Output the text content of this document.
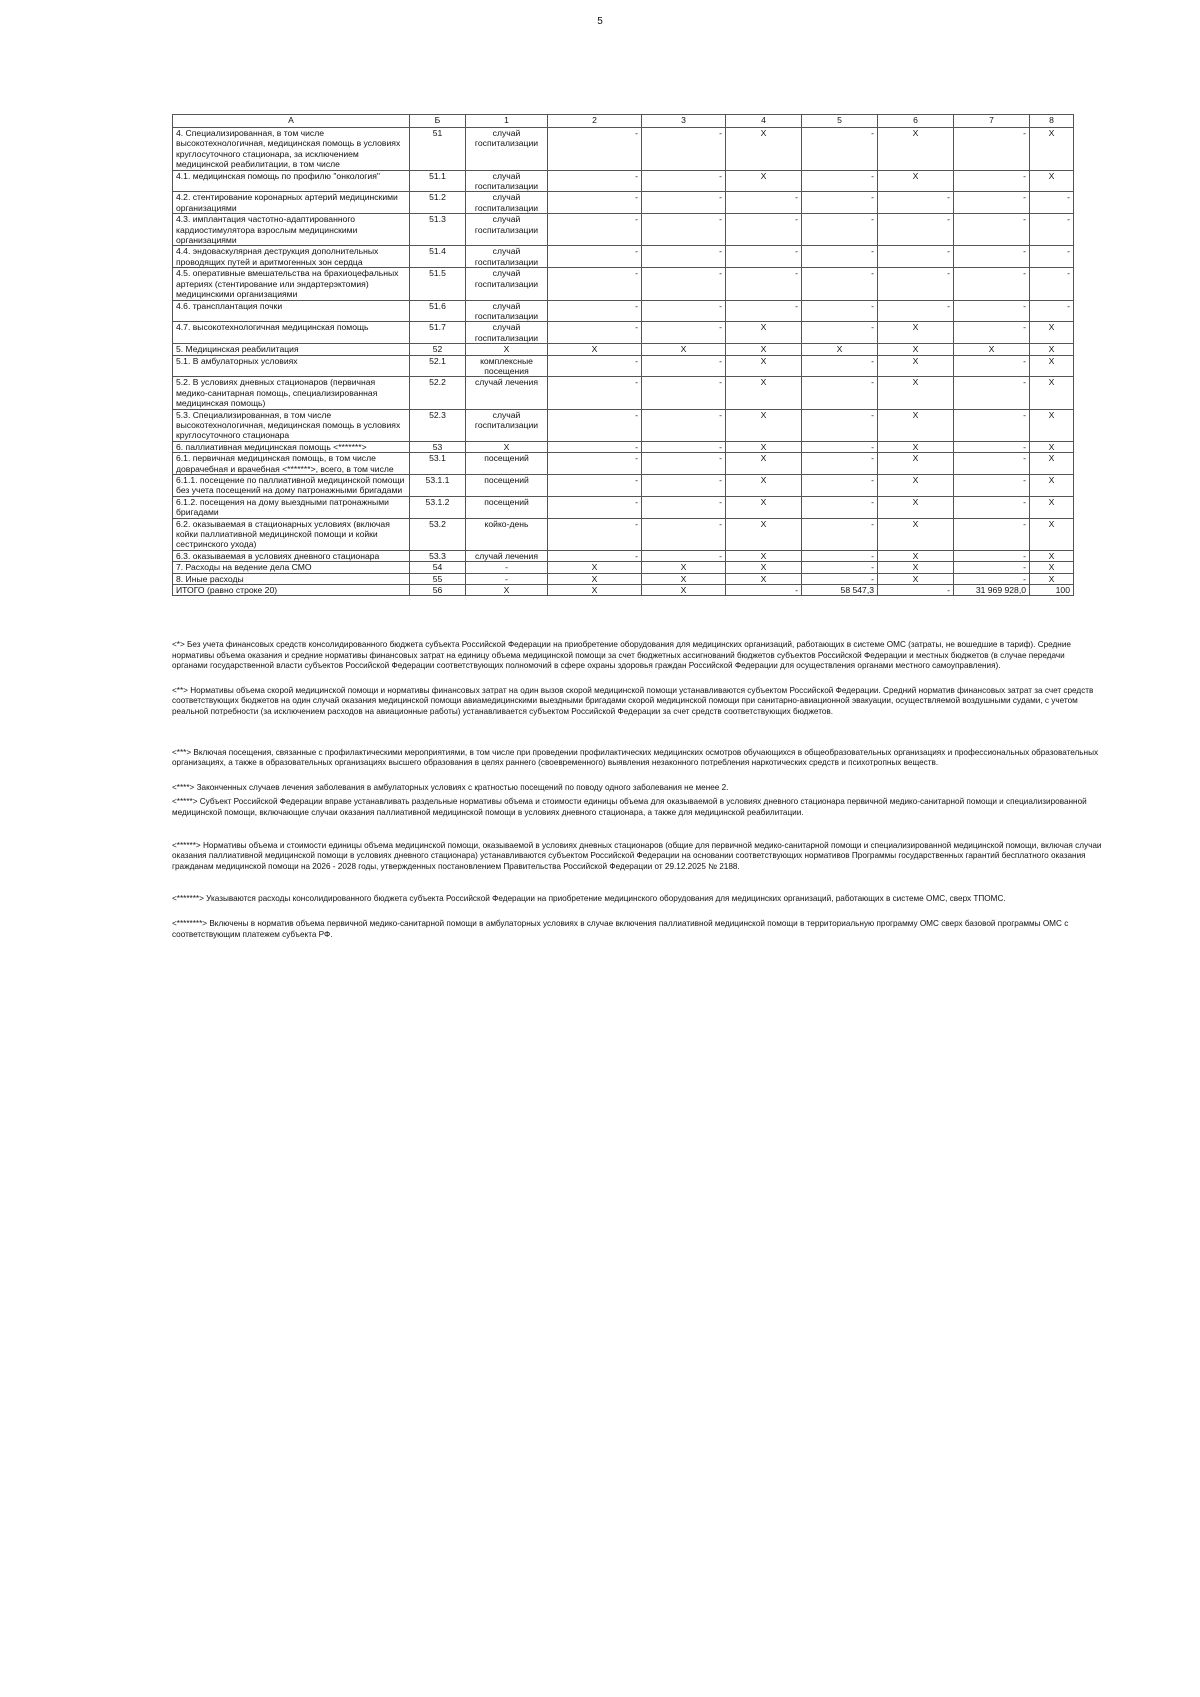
5
А	Б	1	2	3	4	5	6	7	8
4. Специализированная, в том числе высокотехнологичная, медицинская помощь в условиях круглосуточного стационара, за исключением медицинской реабилитации, в том числе	51	случай госпитализации	-	-	X	-	X	-	X
4.1. медицинская помощь по профилю "онкология"	51.1	случай госпитализации	-	-	X	-	X	-	X
4.2. стентирование коронарных артерий медицинскими организациями	51.2	случай госпитализации	-	-	-	-	-	-	-
4.3. имплантация частотно-адаптированного кардиостимулятора взрослым медицинскими организациями	51.3	случай госпитализации	-	-	-	-	-	-	-
4.4. эндоваскулярная деструкция дополнительных проводящих путей и аритмогенных зон сердца	51.4	случай госпитализации	-	-	-	-	-	-	-
4.5. оперативные вмешательства на брахиоцефальных артериях (стентирование или эндартерэктомия) медицинскими организациями	51.5	случай госпитализации	-	-	-	-	-	-	-
4.6. трансплантация почки	51.6	случай госпитализации	-	-	-	-	-	-	-
4.7. высокотехнологичная медицинская помощь	51.7	случай госпитализации	-	-	X	-	X	-	X
5. Медицинская реабилитация	52	X	X	X	X	X	X	X	X
5.1. В амбулаторных условиях	52.1	комплексные посещения	-	-	X	-	X	-	X
5.2. В условиях дневных стационаров (первичная медико-санитарная помощь, специализированная медицинская помощь)	52.2	случай лечения	-	-	X	-	X	-	X
5.3. Специализированная, в том числе высокотехнологичная, медицинская помощь в условиях круглосуточного стационара	52.3	случай госпитализации	-	-	X	-	X	-	X
6. паллиативная медицинская помощь <*******>	53	X	-	-	X	-	X	-	X
6.1. первичная медицинская помощь, в том числе доврачебная и врачебная <*******>, всего, в том числе	53.1	посещений	-	-	X	-	X	-	X
6.1.1. посещение по паллиативной медицинской помощи без учета посещений на дому патронажными бригадами	53.1.1	посещений	-	-	X	-	X	-	X
6.1.2. посещения на дому выездными патронажными бригадами	53.1.2	посещений	-	-	X	-	X	-	X
6.2. оказываемая в стационарных условиях (включая койки паллиативной медицинской помощи и койки сестринского ухода)	53.2	койко-день	-	-	X	-	X	-	X
6.3. оказываемая в условиях дневного стационара	53.3	случай лечения	-	-	X	-	X	-	X
7. Расходы на ведение дела СМО	54	-	X	X	X	-	X	-	X
8. Иные расходы	55	-	X	X	X	-	X	-	X
ИТОГО (равно строке 20)	56	X	X	X	-	58 547,3	-	31 969 928,0	100

<*> Без учета финансовых средств консолидированного бюджета субъекта Российской Федерации на приобретение оборудования для медицинских организаций, работающих в системе ОМС (затраты, не вошедшие в тариф). Средние нормативы объема оказания и средние нормативы финансовых затрат на единицу объема медицинской помощи за счет бюджетных ассигнований бюджетов субъектов Российской Федерации и местных бюджетов (в случае передачи органами государственной власти субъектов Российской Федерации соответствующих полномочий в сфере охраны здоровья граждан Российской Федерации для осуществления органами местного самоуправления).

<**> Нормативы объема скорой медицинской помощи и нормативы финансовых затрат на один вызов скорой медицинской помощи устанавливаются субъектом Российской Федерации. Средний норматив финансовых затрат за счет средств соответствующих бюджетов на один случай оказания медицинской помощи авиамедицинскими выездными бригадами скорой медицинской помощи при санитарно-авиационной эвакуации, осуществляемой воздушными судами, с учетом реальной потребности (за исключением расходов на авиационные работы) устанавливается субъектом Российской Федерации за счет средств соответствующих бюджетов.

<***> Включая посещения, связанные с профилактическими мероприятиями, в том числе при проведении профилактических медицинских осмотров обучающихся в общеобразовательных организациях и профессиональных образовательных организациях, а также в образовательных организациях высшего образования в целях раннего (своевременного) выявления незаконного потребления наркотических средств и психотропных веществ.

<****> Законченных случаев лечения заболевания в амбулаторных условиях с кратностью посещений по поводу одного заболевания не менее 2.

<*****> Субъект Российской Федерации вправе устанавливать раздельные нормативы объема и стоимости единицы объема для оказываемой в условиях дневного стационара первичной медико-санитарной помощи и специализированной медицинской помощи, включающие случаи оказания паллиативной медицинской помощи в условиях дневного стационара, а также для медицинской реабилитации.

<******> Нормативы объема и стоимости единицы объема медицинской помощи, оказываемой в условиях дневных стационаров (общие для первичной медико-санитарной помощи и специализированной медицинской помощи, включая случаи оказания паллиативной медицинской помощи в условиях дневного стационара) устанавливаются субъектом Российской Федерации на основании соответствующих нормативов Программы государственных гарантий бесплатного оказания гражданам медицинской помощи на 2026 - 2028 годы, утвержденных постановлением Правительства Российской Федерации от 29.12.2025 № 2188.

<*******> Указываются расходы консолидированного бюджета субъекта Российской Федерации на приобретение медицинского оборудования для медицинских организаций, работающих в системе ОМС, сверх ТПОМС.

<********> Включены в норматив объема первичной медико-санитарной помощи в амбулаторных условиях в случае включения паллиативной медицинской помощи в территориальную программу ОМС сверх базовой программы ОМС с соответствующим платежем субъекта РФ.
